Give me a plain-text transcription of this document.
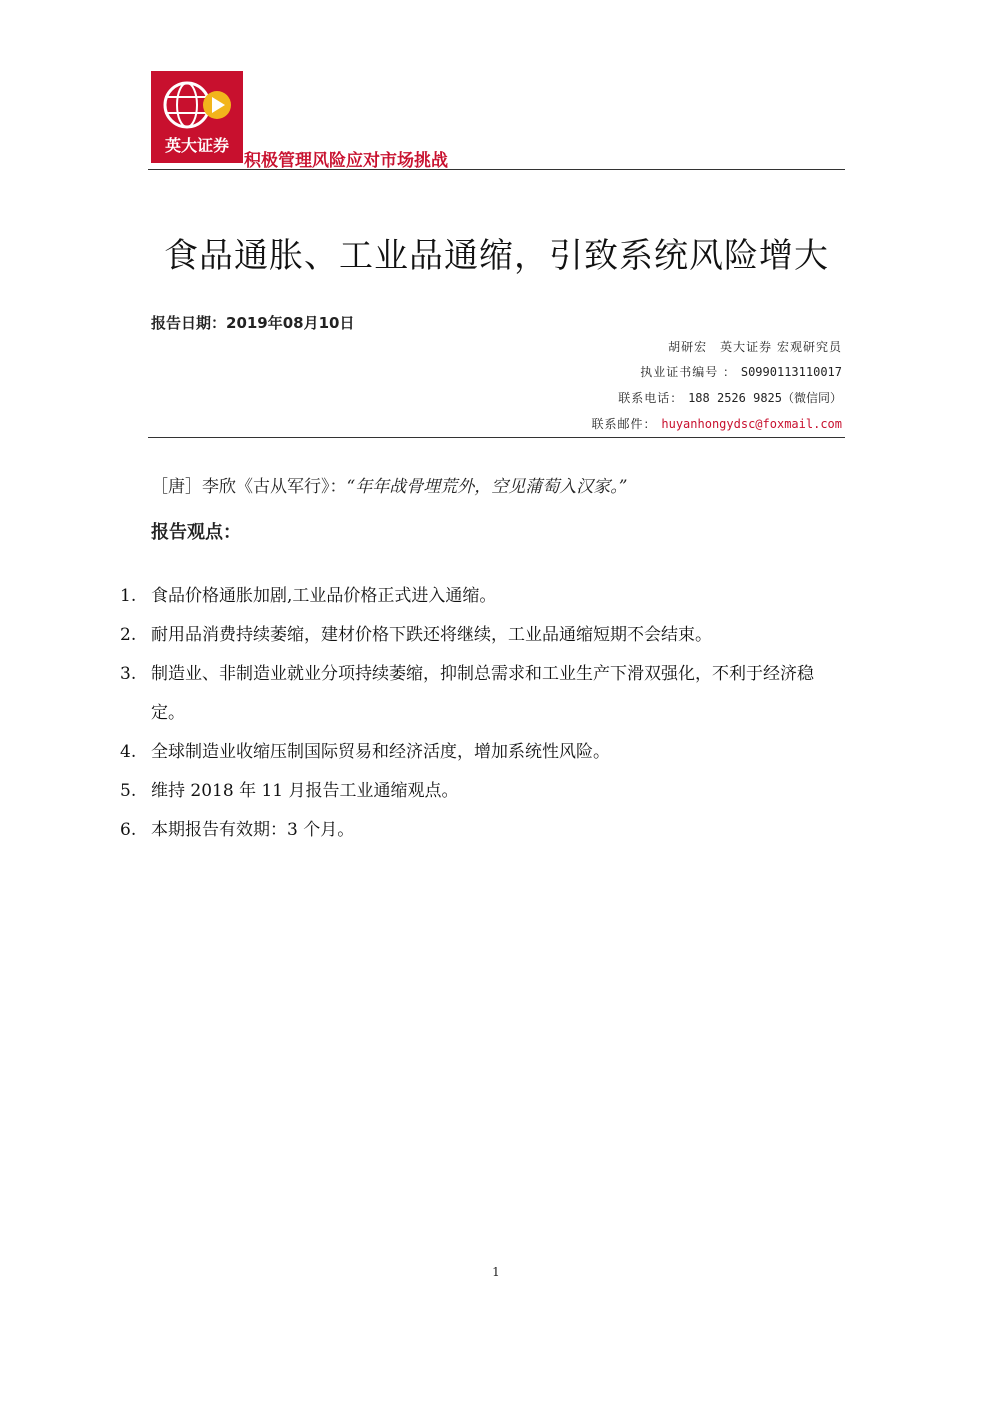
英大证券
积极管理风险应对市场挑战
食品通胀、工业品通缩，引致系统风险增大
报告日期：2019年08月10日
胡研宏　英大证券 宏观研究员
执业证书编号 ： S0990113110017
联系电话： 188 2526 9825（微信同）
联系邮件： huyanhongydsc@foxmail.com
［唐］李欣《古从军行》：“年年战骨埋荒外，空见蒲萄入汉家。”
报告观点：
1. 食品价格通胀加剧,工业品价格正式进入通缩。
2. 耐用品消费持续萎缩，建材价格下跌还将继续，工业品通缩短期不会结束。
3. 制造业、非制造业就业分项持续萎缩，抑制总需求和工业生产下滑双强化，不利于经济稳定。
4. 全球制造业收缩压制国际贸易和经济活度，增加系统性风险。
5. 维持 2018 年 11 月报告工业通缩观点。
6. 本期报告有效期：3 个月。
1
